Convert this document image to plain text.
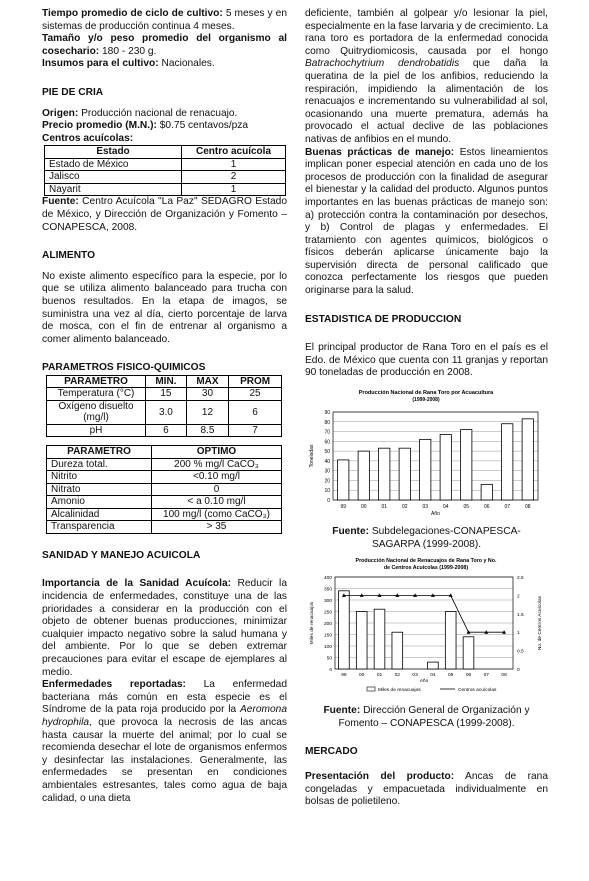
Tiempo promedio de ciclo de cultivo: 5 meses y en sistemas de producción continua 4 meses.

Tamaño y/o peso promedio del organismo al cosechario: 180 - 230 g.

Insumos para el cultivo: Nacionales.

PIE DE CRIA

Origen: Producción nacional de renacuajo.

Precio promedio (M.N.): $0.75 centavos/pza

Centros acuícolas:

Estado	Centro acuícola
Estado de México	1
Jalisco	2
Nayarit	1

Fuente: Centro Acuícola "La Paz" SEDAGRO Estado de México, y Dirección de Organización y Fomento –CONAPESCA, 2008.

ALIMENTO

No existe alimento específico para la especie, por lo que se utiliza alimento balanceado para trucha con buenos resultados. En la etapa de imagos, se suministra una vez al día, cierto porcentaje de larva de mosca, con el fin de entrenar al organismo a comer alimento balanceado.

PARAMETROS FISICO-QUIMICOS

PARAMETRO	MIN.	MAX	PROM
Temperatura (°C)	15	30	25
Oxígeno disuelto (mg/l)	3.0	12	6
pH	6	8.5	7
PARAMETRO	OPTIMO
Dureza total.	200 % mg/l CaCO₃
Nitrito	<0.10 mg/l
Nitrato	0
Amonio	< a 0.10 mg/l
Alcalinidad	100 mg/l (como CaCO₃)
Transparencia	> 35

SANIDAD Y MANEJO ACUICOLA

Importancia de la Sanidad Acuícola: Reducir la incidencia de enfermedades, constituye una de las prioridades a considerar en la producción con el objeto de obtener buenas producciones, minimizar cualquier impacto negativo sobre la salud humana y del ambiente. Por lo que se deben extremar precauciones para evitar el escape de ejemplares al medio.

Enfermedades reportadas: La enfermedad bacteriana más común en esta especie es el Síndrome de la pata roja producido por la Aeromona hydrophila, que provoca la necrosis de las ancas hasta causar la muerte del animal; por lo cual se recomienda desechar el lote de organismos enfermos y desinfectar las instalaciones. Generalmente, las enfermedades se presentan en condiciones ambientales estresantes, tales como agua de baja calidad, o una dieta

deficiente, también al golpear y/o lesionar la piel, especialmente en la fase larvaria y de crecimiento. La rana toro es portadora de la enfermedad conocida como Quitrydiomicosis, causada por el hongo Batrachochytrium dendrobatidis que daña la queratina de la piel de los anfibios, reduciendo la respiración, impidiendo la alimentación de los renacuajos e incrementando su vulnerabilidad al sol, ocasionando una muerte prematura, además ha provocado el actual declive de las poblaciones nativas de anfibios en el mundo.

Buenas prácticas de manejo: Estos lineamientos implican poner especial atención en cada uno de los procesos de producción con la finalidad de asegurar el bienestar y la calidad del producto. Algunos puntos importantes en las buenas prácticas de manejo son: a) protección contra la contaminación por desechos, y b) Control de plagas y enfermedades. El tratamiento con agentes químicos, biológicos o físicos deberán aplicarse únicamente bajo la supervisión directa de personal calificado que conozca perfectamente los riesgos que pueden originarse para la salud.

ESTADISTICA DE PRODUCCION

El principal productor de Rana Toro en el país es el Edo. de México que cuenta con 11 granjas y reportan 90 toneladas de producción en 2008.

Producción Nacional de Rana Toro por Acuacultura
(1999-2008)
0
10
20
30
40
50
60
70
80
90
99	00	01	02	03	04	05	06	07	08
Año
Toneladas

Fuente: Subdelegaciones-CONAPESCA-SAGARPA (1999-2008).

Producción Nacional de Renacuajos de Rana Toro y No.
de Centros Acuícolas (1999-2008)
0
50
100
150
200
250
300
350
400
0
0.5
1
1.5
2
2.5
99	00	01	02	03	04	05	06	07	08
Año
Miles de renacuajos	No. de Centros Acuícolas
Miles de renacuajos	Centros acuícolas

Fuente: Dirección General de Organización y Fomento – CONAPESCA (1999-2008).

MERCADO

Presentación del producto: Ancas de rana congeladas y empacuetada individualmente en bolsas de polietileno.
